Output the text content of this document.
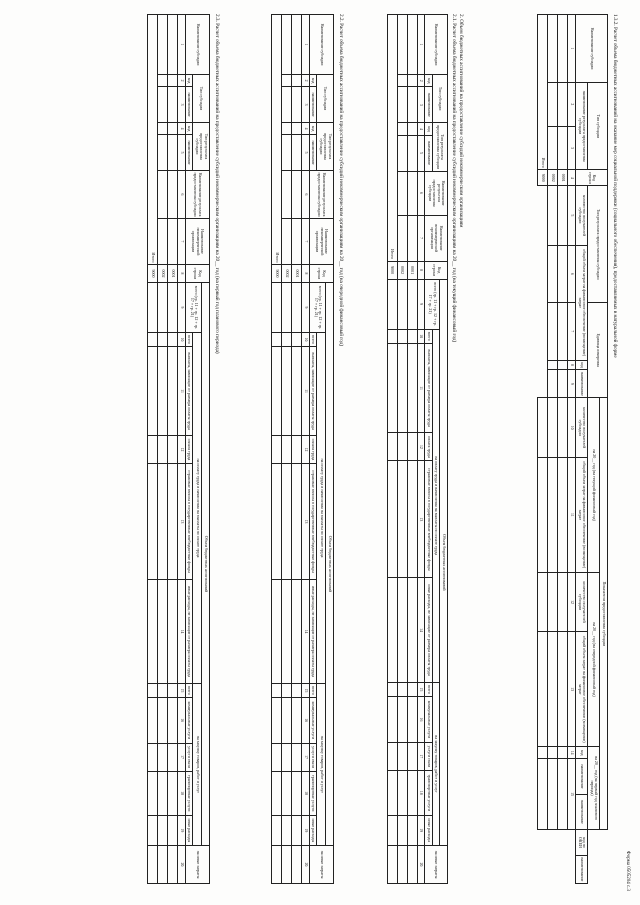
Форма 0505204 с.3
1.3.2. Расчет объема бюджетных ассигнований на оказание мер социальной поддержки (социального обеспечения), предоставляемых в натуральной форме
Наименование субсидии	Тип субсидии		Код строки	Тип результата предоставления субсидии		Единица измерения			Показатели предоставления субсидии								
									на 20__ год (на текущий финансовый год)		на 20__ год (на очередной финансовый год)		на 20__ год (на первый год планового периода)				
	наименование результата предоставления субсидии			количество получателей субсидии	общий объем затрат на финансовое обеспечение (возмещение) затрат				количество получателей субсидии	общий объем затрат на финансовое обеспечение (возмещение) затрат	количество получателей субсидии	общий объем затрат на финансовое обеспечение (возмещение) затрат					
							код	наименование					код	наименование	наименование	код по ОКЕИ	наименование
1	2	3	4	5	6	7	8	9	10	11	12	13	14	15			
			0001														
			0002														
Итого			9000														
2. Объем бюджетных ассигнований на предоставление субсидий некоммерческим организациям
2.1. Расчет объема бюджетных ассигнований на предоставление субсидий некоммерческим организациям на 20__ год (на текущий финансовый год)
Наименование субсидии	Тип субсидии		Тип результата предоставления субсидии		Наименование результата предоставления субсидии	Наименование некоммерческой организации	Код строки	Объем бюджетных ассигнований											на иные затраты
								всего (гр. 11 + гр. 12 + гр. 17 + гр. 21)	на оплату труда и начисления на выплаты по оплате труда					на закупку товаров, работ и услуг					
	код	наименование	код	наименование					всего	выплаты, зависящие от размера оплаты труда	оплата труда	страховые взносы в государственные внебюджетные фонды	иные расходы, не зависящие от размера оплаты труда	всего	коммунальные услуги	услуги связи	транспортные услуги	иные расходы	
1	2	3	4	5	6	7	8	9	10	11	12	13	14	15	16	17	18	19	20
							0001												
							0002												
Итого							9000												
2.2. Расчет объема бюджетных ассигнований на предоставление субсидий некоммерческим организациям на 20__ год (на очередной финансовый год)
Наименование субсидии	Тип субсидии		Тип результата предоставления субсидии		Наименование результата предоставления субсидии	Наименование некоммерческой организации	Код строки	Объем бюджетных ассигнований											на иные затраты
								всего (гр. 11 + гр. 12 + гр. 17 + гр. 21)	на оплату труда и начисления на выплаты по оплате труда					на закупку товаров, работ и услуг					
	код	наименование	код	наименование					всего	выплаты, зависящие от размера оплаты труда	оплата труда	страховые взносы в государственные внебюджетные фонды	иные расходы, не зависящие от размера оплаты труда	всего	коммунальные услуги	услуги связи	транспортные услуги	иные расходы	
1	2	3	4	5	6	7	8	9	10	11	12	13	14	15	16	17	18	19	20
							0001												
							0002												
Итого							9000												
2.3. Расчет объема бюджетных ассигнований на предоставление субсидий некоммерческим организациям на 20__ год (на первый год планового периода)
Наименование субсидии	Тип субсидии		Тип результата предоставления субсидии		Наименование результата предоставления субсидии	Наименование некоммерческой организации	Код строки	Объем бюджетных ассигнований											на иные затраты
								всего (гр. 11 + гр. 12 + гр. 17 + гр. 21)	на оплату труда и начисления на выплаты по оплате труда					на закупку товаров, работ и услуг					
	код	наименование	код	наименование					всего	выплаты, зависящие от размера оплаты труда	оплата труда	страховые взносы в государственные внебюджетные фонды	иные расходы, не зависящие от размера оплаты труда	всего	коммунальные услуги	услуги связи	транспортные услуги	иные расходы	
1	2	3	4	5	6	7	8	9	10	11	12	13	14	15	16	17	18	19	20
							0001												
							0002												
Итого							9000												
